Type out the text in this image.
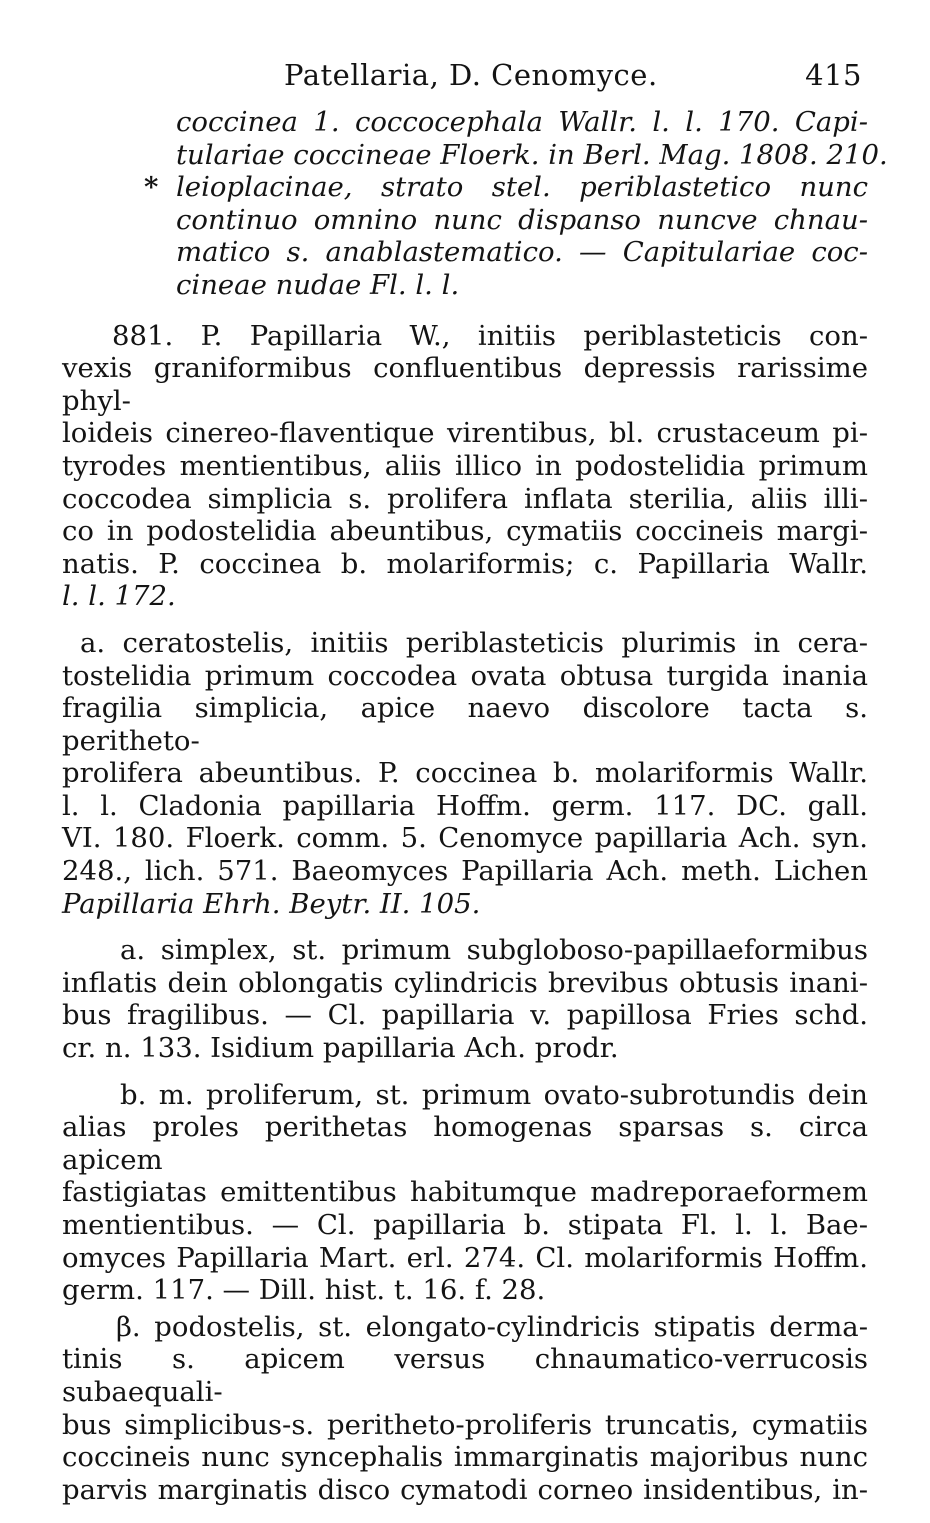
Patellaria, D. Cenomyce.	415
coccinea 1. coccocephala Wallr. l. l. 170. Capi-
tulariae coccineae Floerk. in Berl. Mag. 1808. 210.
* leioplacinae, strato stel. periblastetico nunc
continuo omnino nunc dispanso nuncve chnau-
matico s. anablastematico. — Capitulariae coc-
cineae nudae Fl. l. l.
881. P. Papillaria W., initiis periblasteticis con-
vexis graniformibus confluentibus depressis rarissime phyl-
loideis cinereo-flaventique virentibus, bl. crustaceum pi-
tyrodes mentientibus, aliis illico in podostelidia primum
coccodea simplicia s. prolifera inflata sterilia, aliis illi-
co in podostelidia abeuntibus, cymatiis coccineis margi-
natis. P. coccinea b. molariformis; c. Papillaria Wallr.
l. l. 172.
a. ceratostelis, initiis periblasteticis plurimis in cera-
tostelidia primum coccodea ovata obtusa turgida inania
fragilia simplicia, apice naevo discolore tacta s. peritheto-
prolifera abeuntibus. P. coccinea b. molariformis Wallr.
l. l. Cladonia papillaria Hoffm. germ. 117. DC. gall.
VI. 180. Floerk. comm. 5. Cenomyce papillaria Ach. syn.
248., lich. 571. Baeomyces Papillaria Ach. meth. Lichen
Papillaria Ehrh. Beytr. II. 105.
a. simplex, st. primum subgloboso-papillaeformibus
inflatis dein oblongatis cylindricis brevibus obtusis inani-
bus fragilibus. — Cl. papillaria v. papillosa Fries schd.
cr. n. 133. Isidium papillaria Ach. prodr.
b. m. proliferum, st. primum ovato-subrotundis dein
alias proles perithetas homogenas sparsas s. circa apicem
fastigiatas emittentibus habitumque madreporaeformem
mentientibus. — Cl. papillaria b. stipata Fl. l. l. Bae-
omyces Papillaria Mart. erl. 274. Cl. molariformis Hoffm.
germ. 117. — Dill. hist. t. 16. f. 28.
β. podostelis, st. elongato-cylindricis stipatis derma-
tinis s. apicem versus chnaumatico-verrucosis subaequali-
bus simplicibus-s. peritheto-proliferis truncatis, cymatiis
coccineis nunc syncephalis immarginatis majoribus nunc
parvis marginatis disco cymatodi corneo insidentibus, in-
